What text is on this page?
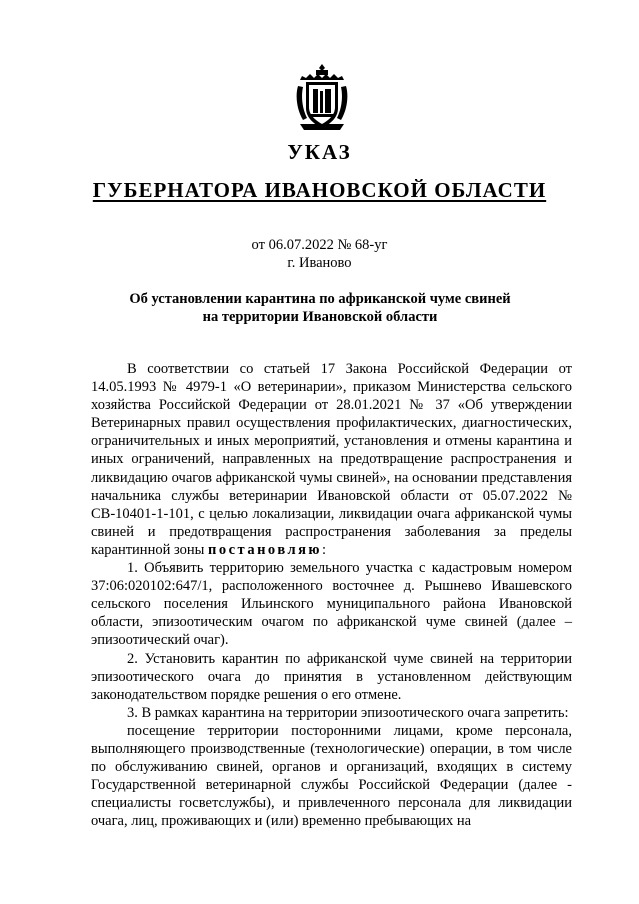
УКАЗ
ГУБЕРНАТОРА ИВАНОВСКОЙ ОБЛАСТИ
от 06.07.2022 № 68-уг
г. Иваново
Об установлении карантина по африканской чуме свиней
на территории Ивановской области

В соответствии со статьей 17 Закона Российской Федерации от 14.05.1993 № 4979-1 «О ветеринарии», приказом Министерства сельского хозяйства Российской Федерации от 28.01.2021 № 37 «Об утверждении Ветеринарных правил осуществления профилактических, диагностических, ограничительных и иных мероприятий, установления и отмены карантина и иных ограничений, направленных на предотвращение распространения и ликвидацию очагов африканской чумы свиней», на основании представления начальника службы ветеринарии Ивановской области от 05.07.2022 № СВ-10401-1-101, с целью локализации, ликвидации очага африканской чумы свиней и предотвращения распространения заболевания за пределы карантинной зоны постановляю:

1. Объявить территорию земельного участка с кадастровым номером 37:06:020102:647/1, расположенного восточнее д. Рышнево Ивашевского сельского поселения Ильинского муниципального района Ивановской области, эпизоотическим очагом по африканской чуме свиней (далее – эпизоотический очаг).

2. Установить карантин по африканской чуме свиней на территории эпизоотического очага до принятия в установленном действующим законодательством порядке решения о его отмене.

3. В рамках карантина на территории эпизоотического очага запретить:

посещение территории посторонними лицами, кроме персонала, выполняющего производственные (технологические) операции, в том числе по обслуживанию свиней, органов и организаций, входящих в систему Государственной ветеринарной службы Российской Федерации (далее - специалисты госветслужбы), и привлеченного персонала для ликвидации очага, лиц, проживающих и (или) временно пребывающих на
